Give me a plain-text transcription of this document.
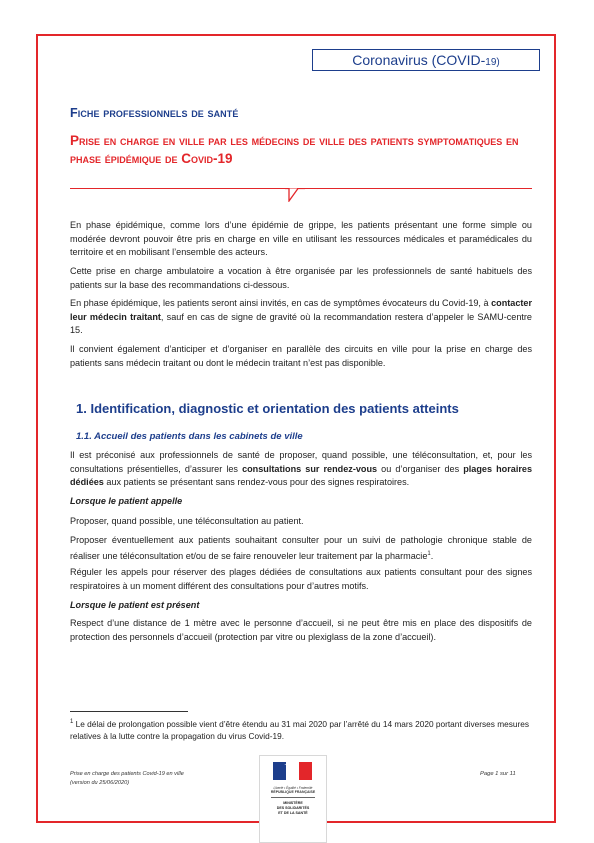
Coronavirus (COVID-19)
Fiche professionnels de santé
Prise en charge en ville par les médecins de ville des patients symptomatiques en phase épidémique de Covid-19
En phase épidémique, comme lors d’une épidémie de grippe, les patients présentant une forme simple ou modérée devront pouvoir être pris en charge en ville en utilisant les ressources médicales et paramédicales du territoire et en mobilisant l’ensemble des acteurs.
Cette prise en charge ambulatoire a vocation à être organisée par les professionnels de santé habituels des patients sur la base des recommandations ci-dessous.
En phase épidémique, les patients seront ainsi invités, en cas de symptômes évocateurs du Covid-19, à contacter leur médecin traitant, sauf en cas de signe de gravité où la recommandation restera d’appeler le SAMU-centre 15.
Il convient également d’anticiper et d’organiser en parallèle des circuits en ville pour la prise en charge des patients sans médecin traitant ou dont le médecin traitant n’est pas disponible.
1. Identification, diagnostic et orientation des patients atteints
1.1. Accueil des patients dans les cabinets de ville
Il est préconisé aux professionnels de santé de proposer, quand possible, une téléconsultation, et, pour les consultations présentielles, d’assurer les consultations sur rendez-vous ou d’organiser des plages horaires dédiées aux patients se présentant sans rendez-vous pour des signes respiratoires.
Lorsque le patient appelle
Proposer, quand possible, une téléconsultation au patient.
Proposer éventuellement aux patients souhaitant consulter pour un suivi de pathologie chronique stable de réaliser une téléconsultation et/ou de se faire renouveler leur traitement par la pharmacie$^1$.
Réguler les appels pour réserver des plages dédiées de consultations aux patients consultant pour des signes respiratoires à un moment différent des consultations pour d’autres motifs.
Lorsque le patient est présent
Respect d’une distance de 1 mètre avec le personne d’accueil, si ne peut être mis en place des dispositifs de protection des personnels d’accueil (protection par vitre ou plexiglass de la zone d’accueil).
$^1$ Le délai de prolongation possible vient d’être étendu au 31 mai 2020 par l’arrêté du 14 mars 2020 portant diverses mesures relatives à la lutte contre la propagation du virus Covid-19.
Prise en charge des patients Covid-19 en ville
(version du 25/06/2020)
Liberté • Égalité • Fraternité
RÉPUBLIQUE FRANÇAISE
MINISTÈRE
DES SOLIDARITÉS
ET DE LA SANTÉ
Page 1 sur 11
